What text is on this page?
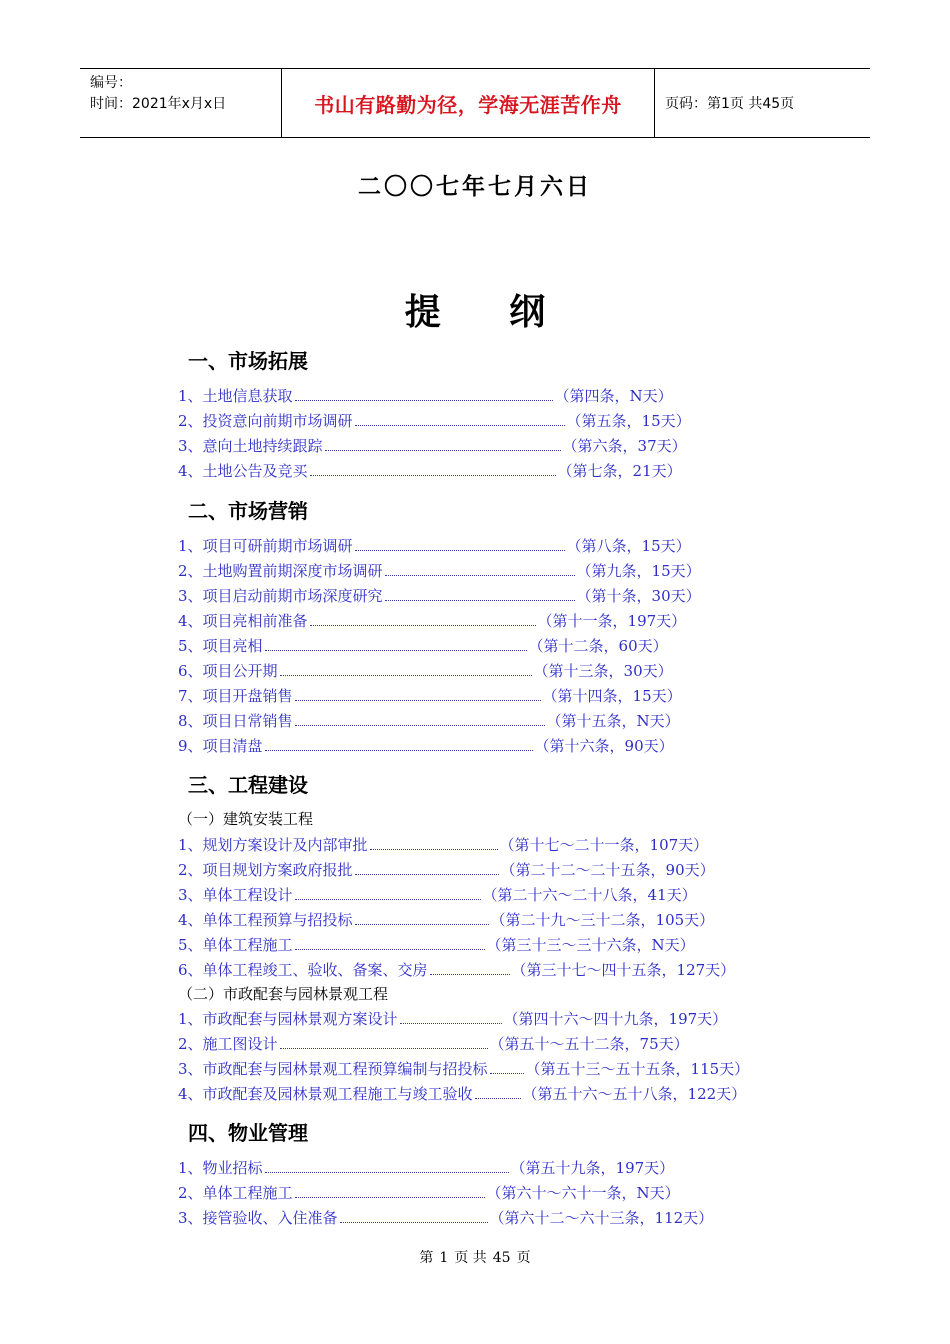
编号：
时间：2021年x月x日	书山有路勤为径，学海无涯苦作舟	页码：第1页 共45页
二〇〇七年七月六日
提 纲
一、市场拓展
二、市场营销
三、工程建设
四、物业管理
（一）建筑安装工程
（二）市政配套与园林景观工程
1、土地信息获取	（第四条，N天）
2、投资意向前期市场调研	（第五条，15天）
3、意向土地持续跟踪	（第六条，37天）
4、土地公告及竞买	（第七条，21天）
1、项目可研前期市场调研	（第八条，15天）
2、土地购置前期深度市场调研	（第九条，15天）
3、项目启动前期市场深度研究	（第十条，30天）
4、项目亮相前准备	（第十一条，197天）
5、项目亮相	（第十二条，60天）
6、项目公开期	（第十三条，30天）
7、项目开盘销售	（第十四条，15天）
8、项目日常销售	（第十五条，N天）
9、项目清盘	（第十六条，90天）
1、规划方案设计及内部审批	（第十七～二十一条，107天）
2、项目规划方案政府报批	（第二十二～二十五条，90天）
3、单体工程设计	（第二十六～二十八条，41天）
4、单体工程预算与招投标	（第二十九～三十二条，105天）
5、单体工程施工	（第三十三～三十六条，N天）
6、单体工程竣工、验收、备案、交房	（第三十七～四十五条，127天）
1、市政配套与园林景观方案设计	（第四十六～四十九条，197天）
2、施工图设计	（第五十～五十二条，75天）
3、市政配套与园林景观工程预算编制与招投标	（第五十三～五十五条，115天）
4、市政配套及园林景观工程施工与竣工验收	（第五十六～五十八条，122天）
1、物业招标	（第五十九条，197天）
2、单体工程施工	（第六十～六十一条，N天）
3、接管验收、入住准备	（第六十二～六十三条，112天）
第 1 页 共 45 页
